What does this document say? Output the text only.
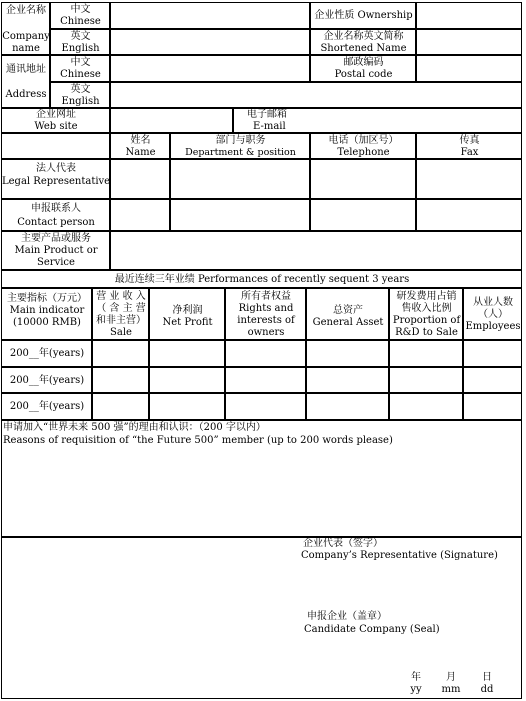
企业名称
Company name
中文
Chinese
企业性质 Ownership
英文
English
企业名称英文简称
Shortened Name
通讯地址
Address
中文
Chinese
邮政编码
Postal code
英文
English
企业网址
Web site
电子邮箱
E-mail
姓名
Name
部门与职务
Department & position
电话（加区号）
Telephone
传真
Fax
法人代表
Legal Representative
申报联系人
Contact person
主要产品或服务
Main Product or
Service
最近连续三年业绩 Performances of recently sequent 3 years
主要指标（万元）
Main indicator
(10000 RMB)
营 业 收 入
（ 含 主 营
和非主营）
Sale
净利润
Net Profit
所有者权益
Rights and
interests of
owners
总资产
General Asset
研发费用占销
售收入比例
Proportion of
R&D to Sale
从业人数
（人）
Employees
200__年(years)
200__年(years)
200__年(years)
申请加入“世界未来 500 强”的理由和认识：（200 字以内）
Reasons of requisition of “the Future 500” member (up to 200 words please)
企业代表（签字）
Company’s Representative (Signature)
申报企业（盖章）
Candidate Company (Seal)
年
yy
月
mm
日
dd
